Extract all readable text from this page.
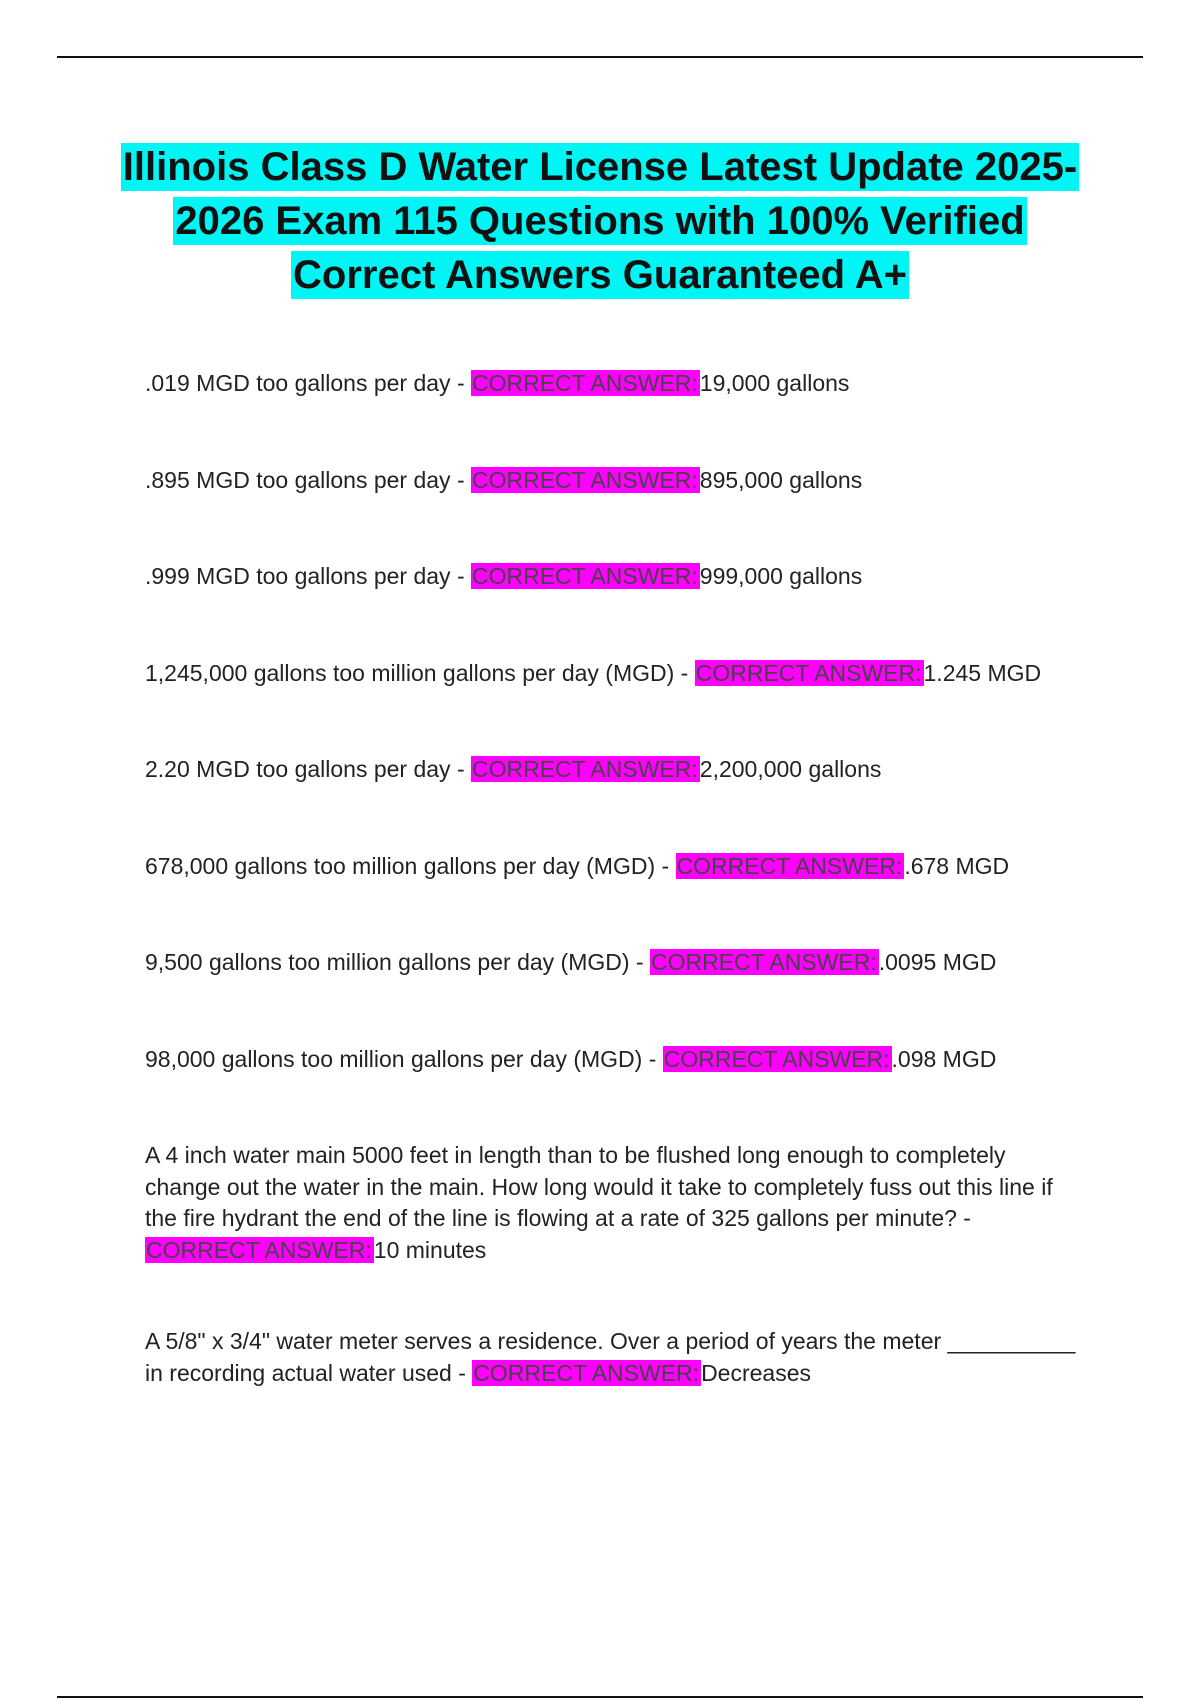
Illinois Class D Water License Latest Update 2025-2026 Exam 115 Questions with 100% Verified Correct Answers Guaranteed A+
.019 MGD too gallons per day - CORRECT ANSWER:19,000 gallons
.895 MGD too gallons per day - CORRECT ANSWER:895,000 gallons
.999 MGD too gallons per day - CORRECT ANSWER:999,000 gallons
1,245,000 gallons too million gallons per day (MGD) - CORRECT ANSWER:1.245 MGD
2.20 MGD too gallons per day - CORRECT ANSWER:2,200,000 gallons
678,000 gallons too million gallons per day (MGD) - CORRECT ANSWER:.678 MGD
9,500 gallons too million gallons per day (MGD) - CORRECT ANSWER:.0095 MGD
98,000 gallons too million gallons per day (MGD) - CORRECT ANSWER:.098 MGD
A 4 inch water main 5000 feet in length than to be flushed long enough to completely change out the water in the main. How long would it take to completely fuss out this line if the fire hydrant the end of the line is flowing at a rate of 325 gallons per minute? - CORRECT ANSWER:10 minutes
A 5/8" x 3/4" water meter serves a residence. Over a period of years the meter __________ in recording actual water used - CORRECT ANSWER:Decreases
